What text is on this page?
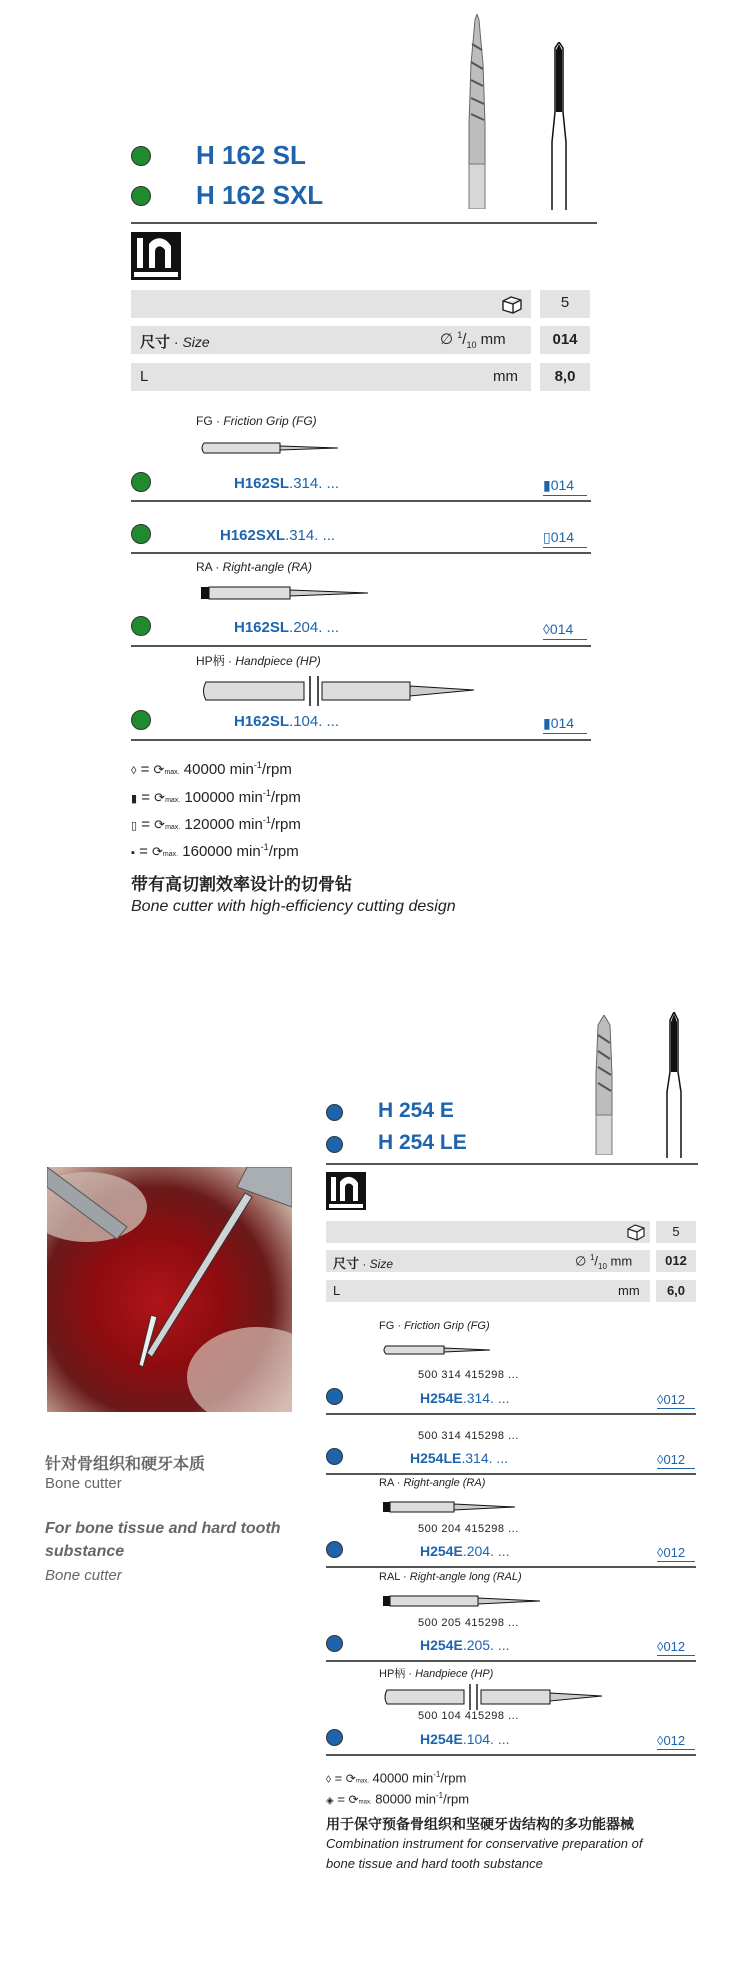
H 162 SL
H 162 SXL
5
尺寸 · Size	∅ $^1/_{10}$ mm	014
L	mm	8,0
FG · Friction Grip (FG)
H162SL.314. ...	▮014
H162SXL.314. ...	▯014
RA · Right-angle (RA)
H162SL.204. ...	◊014
HP柄 · Handpiece (HP)
H162SL.104. ...	▮014
◊ = ⟳max. 40000 $\min^{-1}$/rpm
▮ = ⟳max. 100000 $\min^{-1}$/rpm
▯ = ⟳max. 120000 $\min^{-1}$/rpm
▪ = ⟳max. 160000 $\min^{-1}$/rpm
带有高切割效率设计的切骨钻
Bone cutter with high-efficiency cutting design
H 254 E
H 254 LE
5
尺寸 · Size	∅ $^1/_{10}$ mm	012
L	mm	6,0
FG · Friction Grip (FG)
500 314 415298 ...
H254E.314. ...	◊012
500 314 415298 ...
H254LE.314. ...	◊012
针对骨组织和硬牙本质
Bone cutter
For bone tissue and hard tooth
substance
Bone cutter
RA · Right-angle (RA)
500 204 415298 ...
H254E.204. ...	◊012
RAL · Right-angle long (RAL)
500 205 415298 ...
H254E.205. ...	◊012
HP柄 · Handpiece (HP)
500 104 415298 ...
H254E.104. ...	◊012
◊ = ⟳max. 40000 $\min^{-1}$/rpm
◈ = ⟳max. 80000 $\min^{-1}$/rpm
用于保守预备骨组织和坚硬牙齿结构的多功能器械
Combination instrument for conservative preparation of
bone tissue and hard tooth substance
